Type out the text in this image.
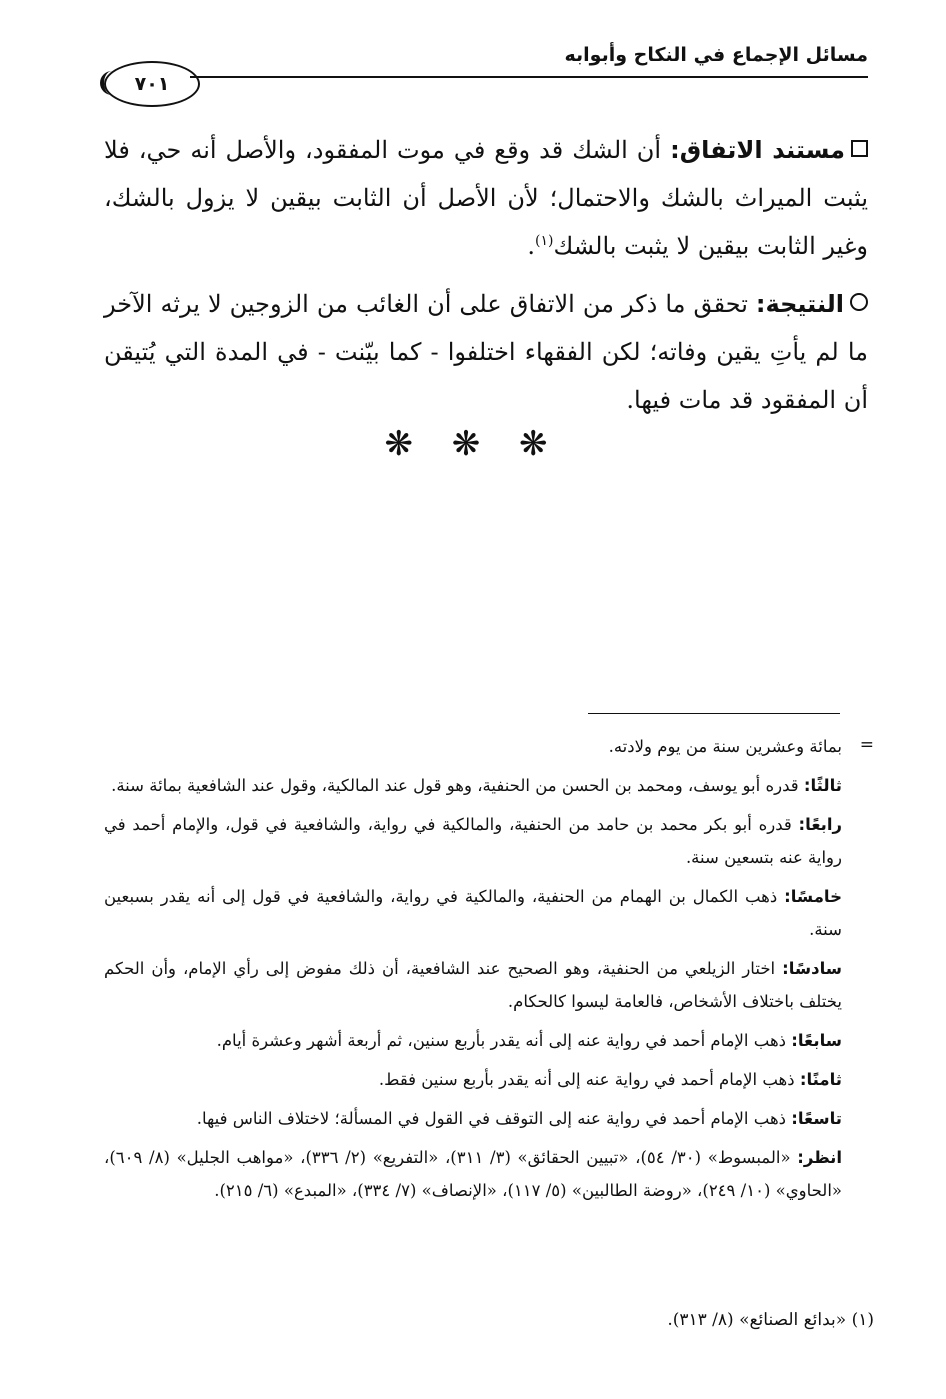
مسائل الإجماع في النكاح وأبوابه
٧٠١

مستند الاتفاق: أن الشك قد وقع في موت المفقود، والأصل أنه حي، فلا يثبت الميراث بالشك والاحتمال؛ لأن الأصل أن الثابت بيقين لا يزول بالشك، وغير الثابت بيقين لا يثبت بالشك$^{(١)}$.

النتيجة: تحقق ما ذكر من الاتفاق على أن الغائب من الزوجين لا يرثه الآخر ما لم يأتِ يقين وفاته؛ لكن الفقهاء اختلفوا - كما بيّنت - في المدة التي يُتيقن أن المفقود قد مات فيها.

❋ ❋ ❋
=

بمائة وعشرين سنة من يوم ولادته.

ثالثًا: قدره أبو يوسف، ومحمد بن الحسن من الحنفية، وهو قول عند المالكية، وقول عند الشافعية بمائة سنة.

رابعًا: قدره أبو بكر محمد بن حامد من الحنفية، والمالكية في رواية، والشافعية في قول، والإمام أحمد في رواية عنه بتسعين سنة.

خامسًا: ذهب الكمال بن الهمام من الحنفية، والمالكية في رواية، والشافعية في قول إلى أنه يقدر بسبعين سنة.

سادسًا: اختار الزيلعي من الحنفية، وهو الصحيح عند الشافعية، أن ذلك مفوض إلى رأي الإمام، وأن الحكم يختلف باختلاف الأشخاص، فالعامة ليسوا كالحكام.

سابعًا: ذهب الإمام أحمد في رواية عنه إلى أنه يقدر بأربع سنين، ثم أربعة أشهر وعشرة أيام.

ثامنًا: ذهب الإمام أحمد في رواية عنه إلى أنه يقدر بأربع سنين فقط.

تاسعًا: ذهب الإمام أحمد في رواية عنه إلى التوقف في القول في المسألة؛ لاختلاف الناس فيها.

انظر: «المبسوط» (٣٠/ ٥٤)، «تبيين الحقائق» (٣/ ٣١١)، «التفريع» (٢/ ٣٣٦)، «مواهب الجليل» (٨/ ٦٠٩)، «الحاوي» (١٠/ ٢٤٩)، «روضة الطالبين» (٥/ ١١٧)، «الإنصاف» (٧/ ٣٣٤)، «المبدع» (٦/ ٢١٥).

(١) «بدائع الصنائع» (٨/ ٣١٣).
